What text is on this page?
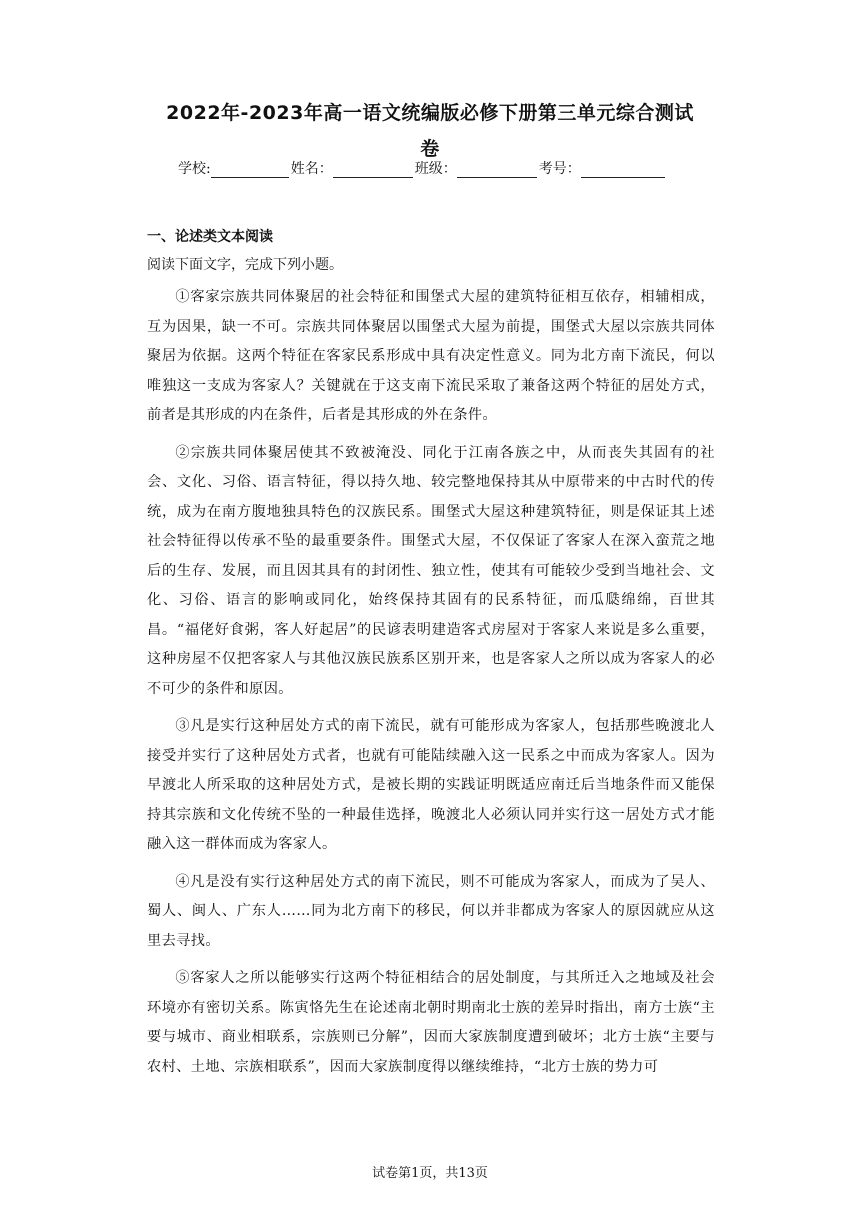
2022年-2023年高一语文统编版必修下册第三单元综合测试
卷
学校:	姓名：	班级：	考号：
一、论述类文本阅读
阅读下面文字，完成下列小题。

①客家宗族共同体聚居的社会特征和围堡式大屋的建筑特征相互依存，相辅相成，互为因果，缺一不可。宗族共同体聚居以围堡式大屋为前提，围堡式大屋以宗族共同体聚居为依据。这两个特征在客家民系形成中具有决定性意义。同为北方南下流民，何以唯独这一支成为客家人？关键就在于这支南下流民采取了兼备这两个特征的居处方式，前者是其形成的内在条件，后者是其形成的外在条件。

②宗族共同体聚居使其不致被淹没、同化于江南各族之中，从而丧失其固有的社会、文化、习俗、语言特征，得以持久地、较完整地保持其从中原带来的中古时代的传统，成为在南方腹地独具特色的汉族民系。围堡式大屋这种建筑特征，则是保证其上述社会特征得以传承不坠的最重要条件。围堡式大屋，不仅保证了客家人在深入蛮荒之地后的生存、发展，而且因其具有的封闭性、独立性，使其有可能较少受到当地社会、文化、习俗、语言的影响或同化，始终保持其固有的民系特征，而瓜瓞绵绵，百世其昌。“福佬好食粥，客人好起居”的民谚表明建造客式房屋对于客家人来说是多么重要，这种房屋不仅把客家人与其他汉族民族系区别开来，也是客家人之所以成为客家人的必不可少的条件和原因。

③凡是实行这种居处方式的南下流民，就有可能形成为客家人，包括那些晚渡北人接受并实行了这种居处方式者，也就有可能陆续融入这一民系之中而成为客家人。因为早渡北人所采取的这种居处方式，是被长期的实践证明既适应南迁后当地条件而又能保持其宗族和文化传统不坠的一种最佳选择，晚渡北人必须认同并实行这一居处方式才能融入这一群体而成为客家人。

④凡是没有实行这种居处方式的南下流民，则不可能成为客家人，而成为了吴人、蜀人、闽人、广东人……同为北方南下的移民，何以并非都成为客家人的原因就应从这里去寻找。

⑤客家人之所以能够实行这两个特征相结合的居处制度，与其所迁入之地域及社会环境亦有密切关系。陈寅恪先生在论述南北朝时期南北士族的差异时指出，南方士族“主要与城市、商业相联系，宗族则已分解”，因而大家族制度遭到破坏；北方士族“主要与农村、土地、宗族相联系”，因而大家族制度得以继续维持，“北方士族的势力可

试卷第1页，共13页
